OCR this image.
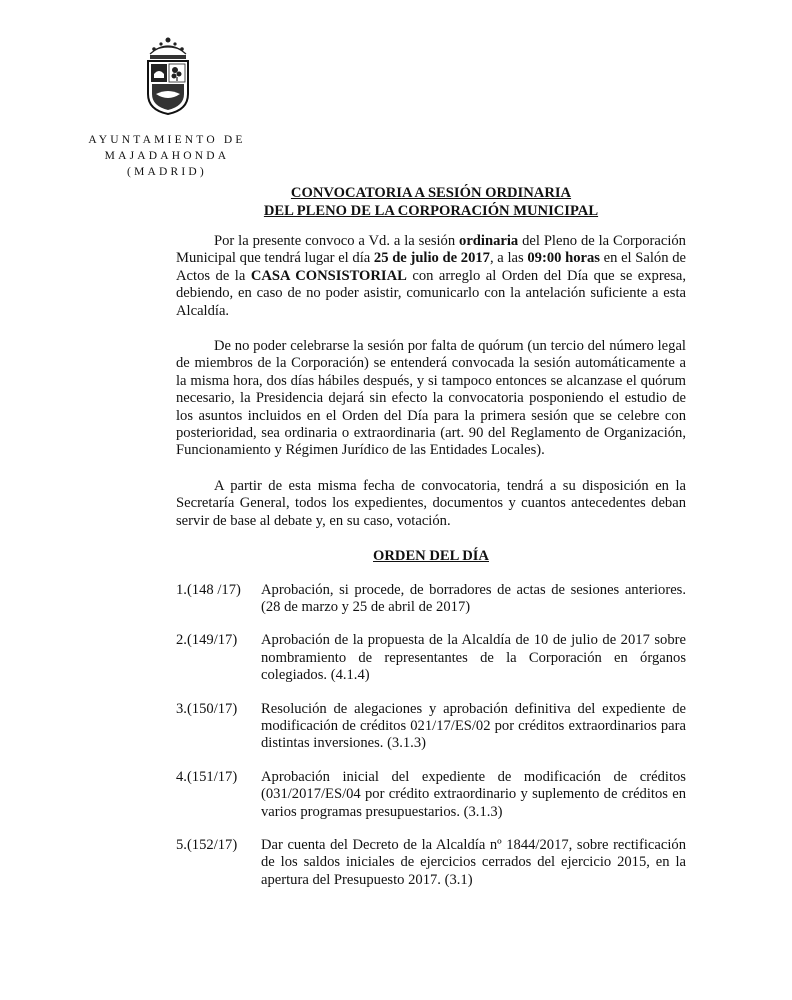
AYUNTAMIENTO DE
MAJADAHONDA
(MADRID)
CONVOCATORIA A SESIÓN ORDINARIA
DEL PLENO DE LA CORPORACIÓN MUNICIPAL

Por la presente convoco a Vd. a la sesión ordinaria del Pleno de la Corporación Municipal que tendrá lugar el día 25 de julio de 2017, a las 09:00 horas en el Salón de Actos de la CASA CONSISTORIAL con arreglo al Orden del Día que se expresa, debiendo, en caso de no poder asistir, comunicarlo con la antelación suficiente a esta Alcaldía.

De no poder celebrarse la sesión por falta de quórum (un tercio del número legal de miembros de la Corporación) se entenderá convocada la sesión automáticamente a la misma hora, dos días hábiles después, y si tampoco entonces se alcanzase el quórum necesario, la Presidencia dejará sin efecto la convocatoria posponiendo el estudio de los asuntos incluidos en el Orden del Día para la primera sesión que se celebre con posterioridad, sea ordinaria o extraordinaria (art. 90 del Reglamento de Organización, Funcionamiento y Régimen Jurídico de las Entidades Locales).

A partir de esta misma fecha de convocatoria, tendrá a su disposición en la Secretaría General, todos los expedientes, documentos y cuantos antecedentes deban servir de base al debate y, en su caso, votación.

ORDEN DEL DÍA
1.(148 /17)	Aprobación, si procede, de borradores de actas de sesiones anteriores. (28 de marzo y 25 de abril de 2017)
2.(149/17)	Aprobación de la propuesta de la Alcaldía de 10 de julio de 2017 sobre nombramiento de representantes de la Corporación en órganos colegiados. (4.1.4)
3.(150/17)	Resolución de alegaciones y aprobación definitiva del expediente de modificación de créditos 021/17/ES/02 por créditos extraordinarios para distintas inversiones. (3.1.3)
4.(151/17)	Aprobación inicial del expediente de modificación de créditos (031/2017/ES/04 por crédito extraordinario y suplemento de créditos en varios programas presupuestarios. (3.1.3)
5.(152/17)	Dar cuenta del Decreto de la Alcaldía nº 1844/2017, sobre rectificación de los saldos iniciales de ejercicios cerrados del ejercicio 2015, en la apertura del Presupuesto 2017. (3.1)
